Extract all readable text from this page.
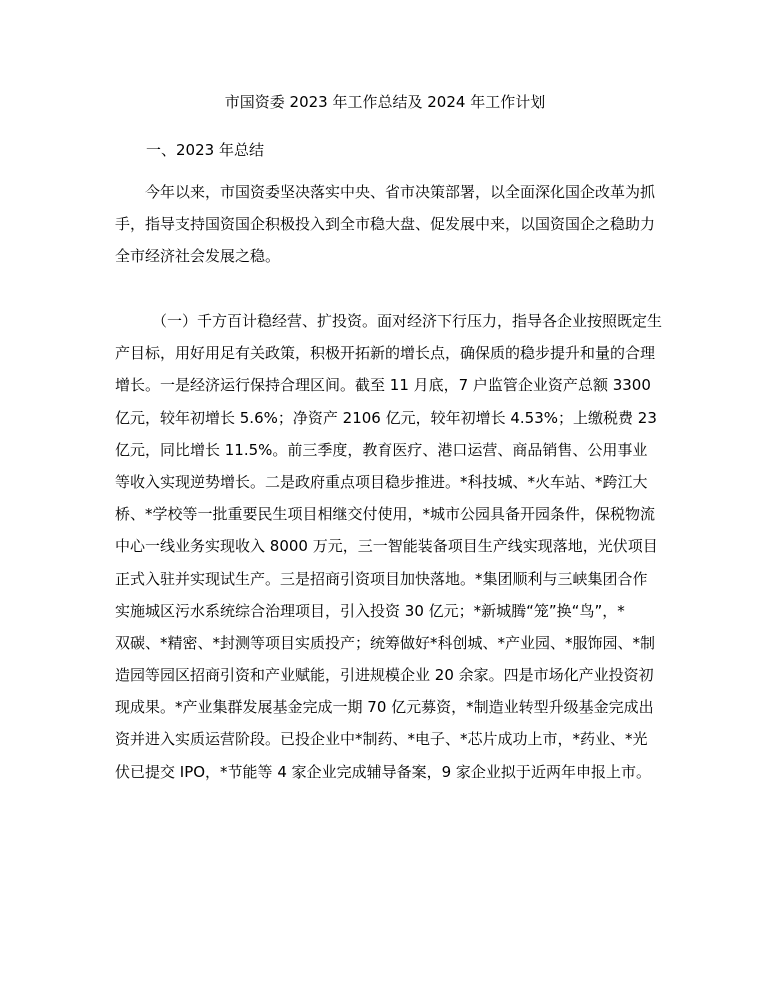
市国资委 2023 年工作总结及 2024 年工作计划
一、2023 年总结
今年以来，市国资委坚决落实中央、省市决策部署，以全面深化国企改革为抓
手，指导支持国资国企积极投入到全市稳大盘、促发展中来，以国资国企之稳助力
全市经济社会发展之稳。
（一）千方百计稳经营、扩投资。面对经济下行压力，指导各企业按照既定生
产目标，用好用足有关政策，积极开拓新的增长点，确保质的稳步提升和量的合理
增长。一是经济运行保持合理区间。截至 11 月底，7 户监管企业资产总额 3300
亿元，较年初增长 5.6%；净资产 2106 亿元，较年初增长 4.53%；上缴税费 23
亿元，同比增长 11.5%。前三季度，教育医疗、港口运营、商品销售、公用事业
等收入实现逆势增长。二是政府重点项目稳步推进。*科技城、*火车站、*跨江大
桥、*学校等一批重要民生项目相继交付使用，*城市公园具备开园条件，保税物流
中心一线业务实现收入 8000 万元，三一智能装备项目生产线实现落地，光伏项目
正式入驻并实现试生产。三是招商引资项目加快落地。*集团顺利与三峡集团合作
实施城区污水系统综合治理项目，引入投资 30 亿元；*新城腾“笼”换“鸟”，*
双碳、*精密、*封测等项目实质投产；统筹做好*科创城、*产业园、*服饰园、*制
造园等园区招商引资和产业赋能，引进规模企业 20 余家。四是市场化产业投资初
现成果。*产业集群发展基金完成一期 70 亿元募资，*制造业转型升级基金完成出
资并进入实质运营阶段。已投企业中*制药、*电子、*芯片成功上市，*药业、*光
伏已提交 IPO，*节能等 4 家企业完成辅导备案，9 家企业拟于近两年申报上市。
